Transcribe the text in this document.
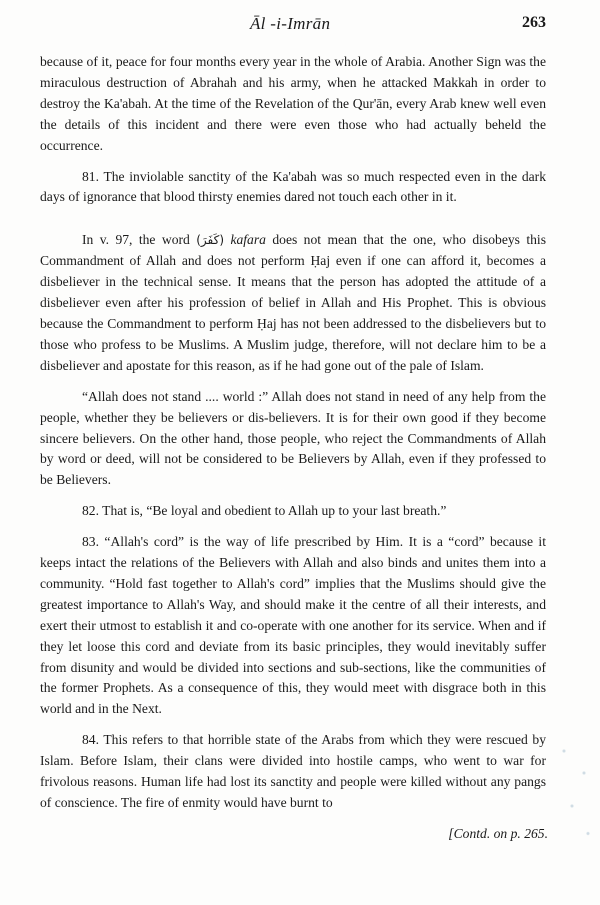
Āl -i-Imrān	263

because of it, peace for four months every year in the whole of Arabia. Another Sign was the miraculous destruction of Abrahah and his army, when he attacked Makkah in order to destroy the Ka'abah. At the time of the Revelation of the Qur'ān, every Arab knew well even the details of this incident and there were even those who had actually beheld the occurrence.

81. The inviolable sanctity of the Ka'abah was so much respected even in the dark days of ignorance that blood thirsty enemies dared not touch each other in it.

In v. 97, the word (كَفَرَ) kafara does not mean that the one, who disobeys this Commandment of Allah and does not perform Ḥaj even if one can afford it, becomes a disbeliever in the technical sense. It means that the person has adopted the attitude of a disbeliever even after his profession of belief in Allah and His Prophet. This is obvious because the Commandment to perform Ḥaj has not been addressed to the disbelievers but to those who profess to be Muslims. A Muslim judge, therefore, will not declare him to be a disbeliever and apostate for this reason, as if he had gone out of the pale of Islam.

“Allah does not stand .... world :” Allah does not stand in need of any help from the people, whether they be believers or dis-believers. It is for their own good if they become sincere believers. On the other hand, those people, who reject the Commandments of Allah by word or deed, will not be considered to be Believers by Allah, even if they professed to be Believers.

82. That is, “Be loyal and obedient to Allah up to your last breath.”

83. “Allah's cord” is the way of life prescribed by Him. It is a “cord” because it keeps intact the relations of the Believers with Allah and also binds and unites them into a community. “Hold fast together to Allah's cord” implies that the Muslims should give the greatest importance to Allah's Way, and should make it the centre of all their interests, and exert their utmost to establish it and co-operate with one another for its service. When and if they let loose this cord and deviate from its basic principles, they would inevitably suffer from disunity and would be divided into sections and sub-sections, like the communities of the former Prophets. As a consequence of this, they would meet with disgrace both in this world and in the Next.

84. This refers to that horrible state of the Arabs from which they were rescued by Islam. Before Islam, their clans were divided into hostile camps, who went to war for frivolous reasons. Human life had lost its sanctity and people were killed without any pangs of conscience. The fire of enmity would have burnt to

[Contd. on p. 265.
